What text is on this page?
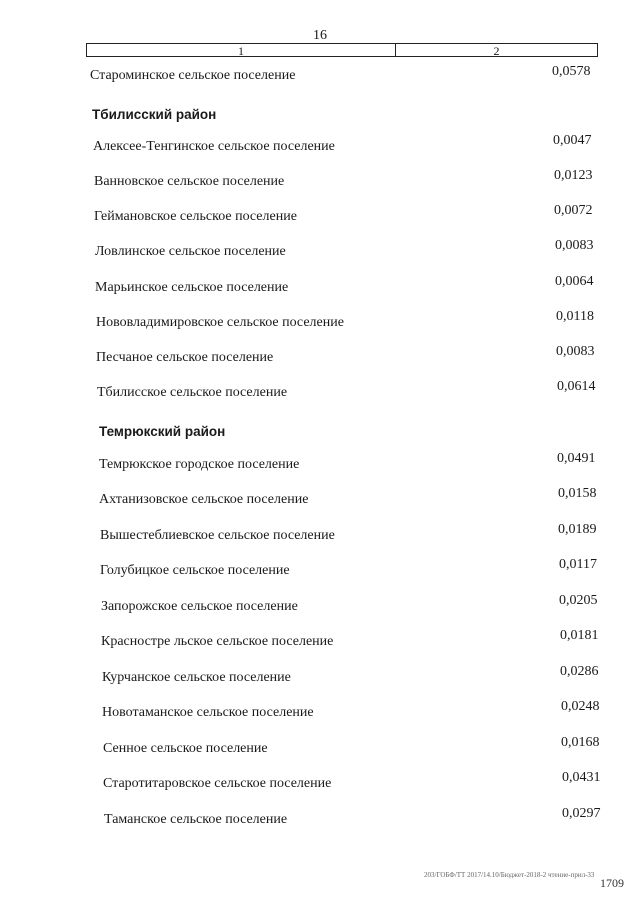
16
1	2
Староминское сельское поселение	0,0578
Тбилисский район
Алексее-Тенгинское сельское поселение	0,0047
Ванновское сельское поселение	0,0123
Геймановское сельское поселение	0,0072
Ловлинское сельское поселение	0,0083
Марьинское сельское поселение	0,0064
Нововладимировское сельское поселение	0,0118
Песчаное сельское поселение	0,0083
Тбилисское сельское поселение	0,0614
Темрюкский район
Темрюкское городское поселение	0,0491
Ахтанизовское сельское поселение	0,0158
Вышестеблиевское сельское поселение	0,0189
Голубицкое сельское поселение	0,0117
Запорожское сельское поселение	0,0205
Красностре льское сельское поселение	0,0181
Курчанское сельское поселение	0,0286
Новотаманское сельское поселение	0,0248
Сенное сельское поселение	0,0168
Старотитаровское сельское поселение	0,0431
Таманское сельское поселение	0,0297
203/ГОБФ/ТТ 2017/14.10/Бюджет-2018-2 чтение-прил-33
1709
